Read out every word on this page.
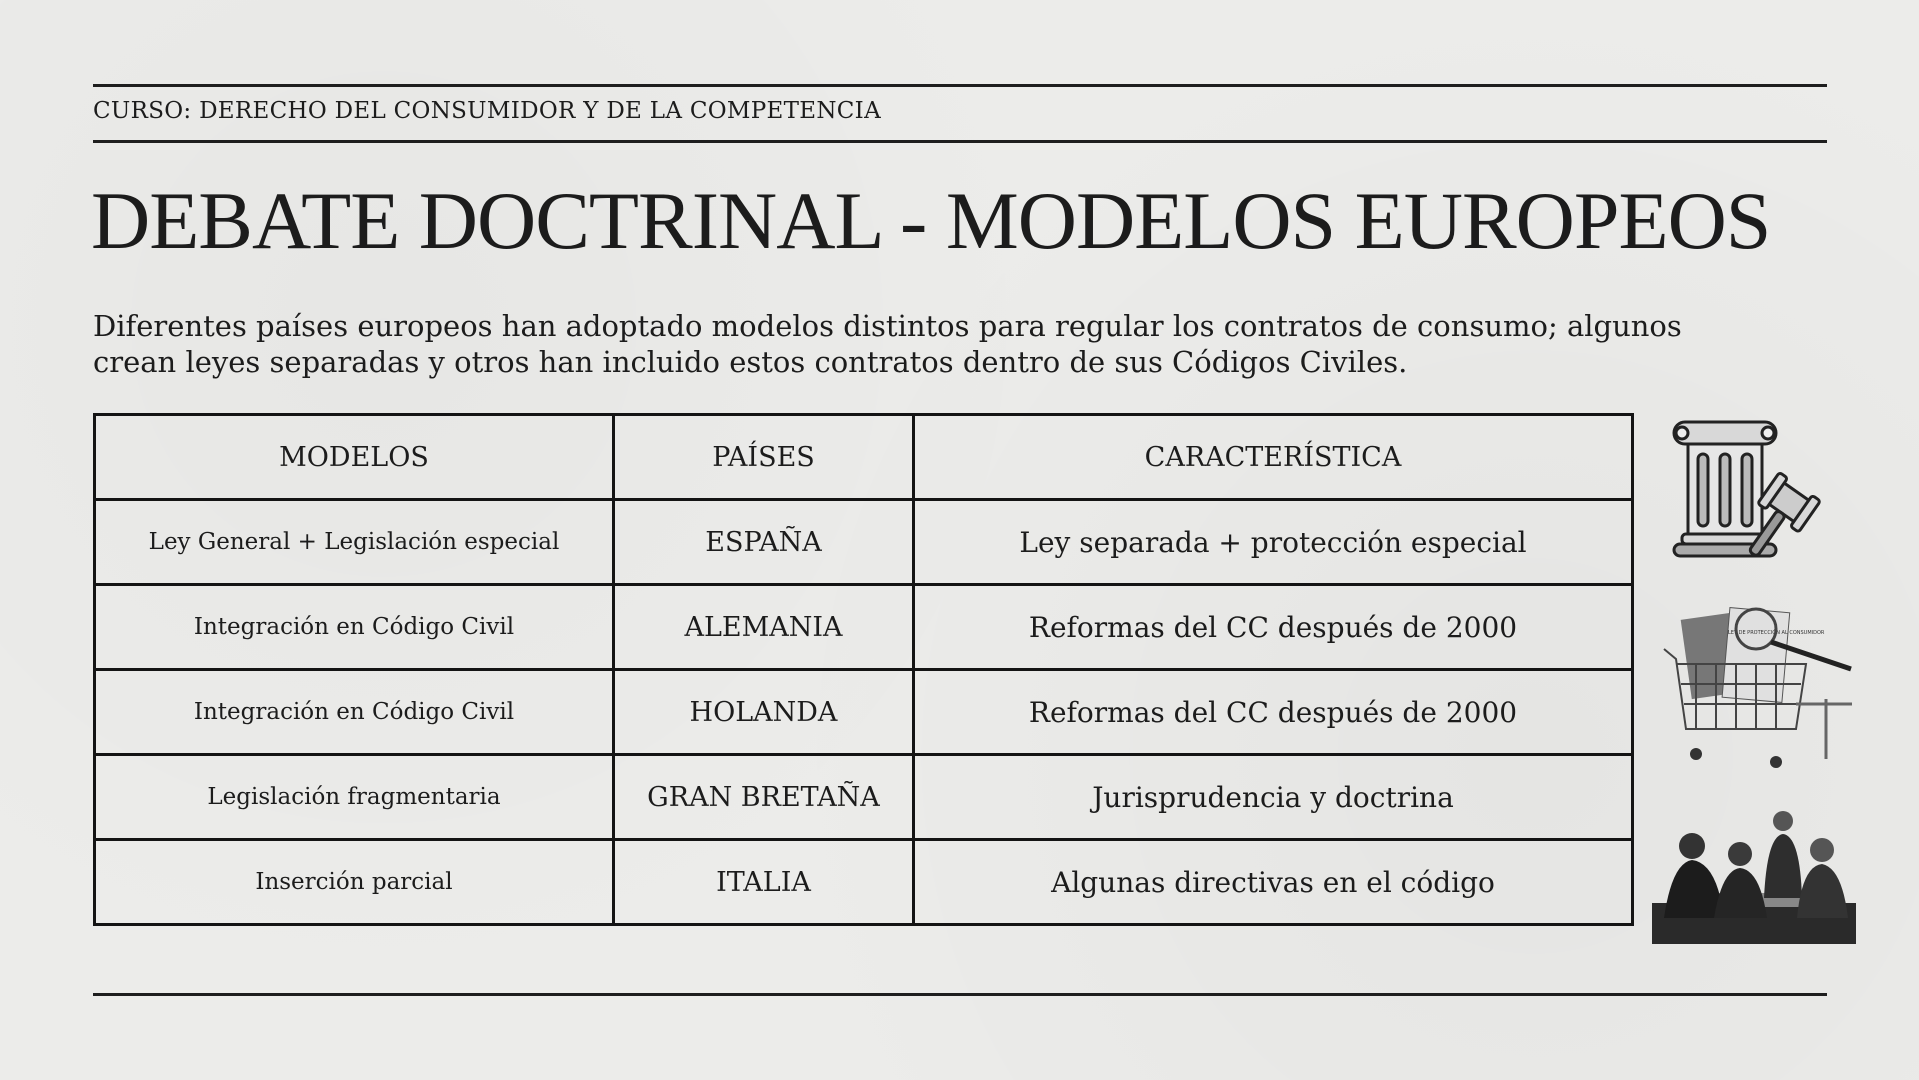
CURSO: DERECHO DEL CONSUMIDOR Y DE LA COMPETENCIA
DEBATE DOCTRINAL - MODELOS EUROPEOS
Diferentes países europeos han adoptado modelos distintos para regular los contratos de consumo; algunos crean leyes separadas y otros han incluido estos contratos dentro de sus Códigos Civiles.
MODELOS	PAÍSES	CARACTERÍSTICA
Ley General + Legislación especial	ESPAÑA	Ley separada + protección especial
Integración en Código Civil	ALEMANIA	Reformas del CC después de 2000
Integración en Código Civil	HOLANDA	Reformas del CC después de 2000
Legislación fragmentaria	GRAN BRETAÑA	Jurisprudencia y doctrina
Inserción parcial	ITALIA	Algunas directivas en el código
LEY DE PROTECCIÓN AL CONSUMIDOR
